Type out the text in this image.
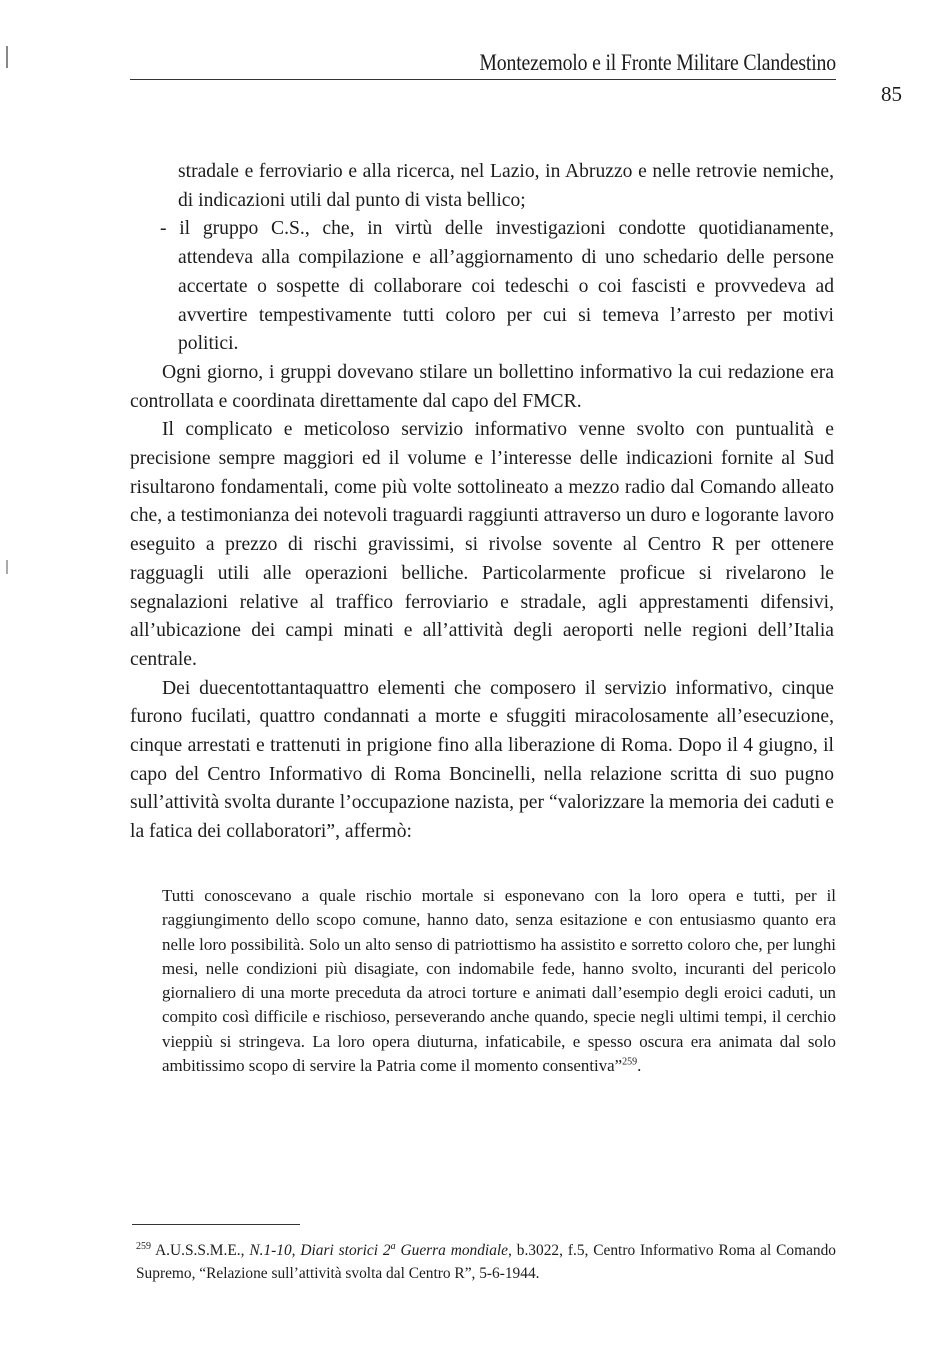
Montezemolo e il Fronte Militare Clandestino
85

stradale e ferroviario e alla ricerca, nel Lazio, in Abruzzo e nelle retrovie nemiche, di indicazioni utili dal punto di vista bellico;

- il gruppo C.S., che, in virtù delle investigazioni condotte quotidianamente, attendeva alla compilazione e all’aggiornamento di uno schedario delle persone accertate o sospette di collaborare coi tedeschi o coi fascisti e provvedeva ad avvertire tempestivamente tutti coloro per cui si temeva l’arresto per motivi politici.

Ogni giorno, i gruppi dovevano stilare un bollettino informativo la cui redazione era controllata e coordinata direttamente dal capo del FMCR.

Il complicato e meticoloso servizio informativo venne svolto con puntualità e precisione sempre maggiori ed il volume e l’interesse delle indicazioni fornite al Sud risultarono fondamentali, come più volte sottolineato a mezzo radio dal Comando alleato che, a testimonianza dei notevoli traguardi raggiunti attraverso un duro e logorante lavoro eseguito a prezzo di rischi gravissimi, si rivolse sovente al Centro R per ottenere ragguagli utili alle operazioni belliche. Particolarmente proficue si rivelarono le segnalazioni relative al traffico ferroviario e stradale, agli apprestamenti difensivi, all’ubicazione dei campi minati e all’attività degli aeroporti nelle regioni dell’Italia centrale.

Dei duecentottantaquattro elementi che composero il servizio informativo, cinque furono fucilati, quattro condannati a morte e sfuggiti miracolosamente all’esecuzione, cinque arrestati e trattenuti in prigione fino alla liberazione di Roma. Dopo il 4 giugno, il capo del Centro Informativo di Roma Boncinelli, nella relazione scritta di suo pugno sull’attività svolta durante l’occupazione nazista, per “valorizzare la memoria dei caduti e la fatica dei collaboratori”, affermò:

Tutti conoscevano a quale rischio mortale si esponevano con la loro opera e tutti, per il raggiungimento dello scopo comune, hanno dato, senza esitazione e con entusiasmo quanto era nelle loro possibilità. Solo un alto senso di patriottismo ha assistito e sorretto coloro che, per lunghi mesi, nelle condizioni più disagiate, con indomabile fede, hanno svolto, incuranti del pericolo giornaliero di una morte preceduta da atroci torture e animati dall’esempio degli eroici caduti, un compito così difficile e rischioso, perseverando anche quando, specie negli ultimi tempi, il cerchio vieppiù si stringeva. La loro opera diuturna, infaticabile, e spesso oscura era animata dal solo ambitissimo scopo di servire la Patria come il momento consentiva”$^{259}$.

$^{259}$ A.U.S.S.M.E., N.1-10, Diari storici 2$^a$ Guerra mondiale, b.3022, f.5, Centro Informativo Roma al Comando Supremo, “Relazione sull’attività svolta dal Centro R”, 5-6-1944.
